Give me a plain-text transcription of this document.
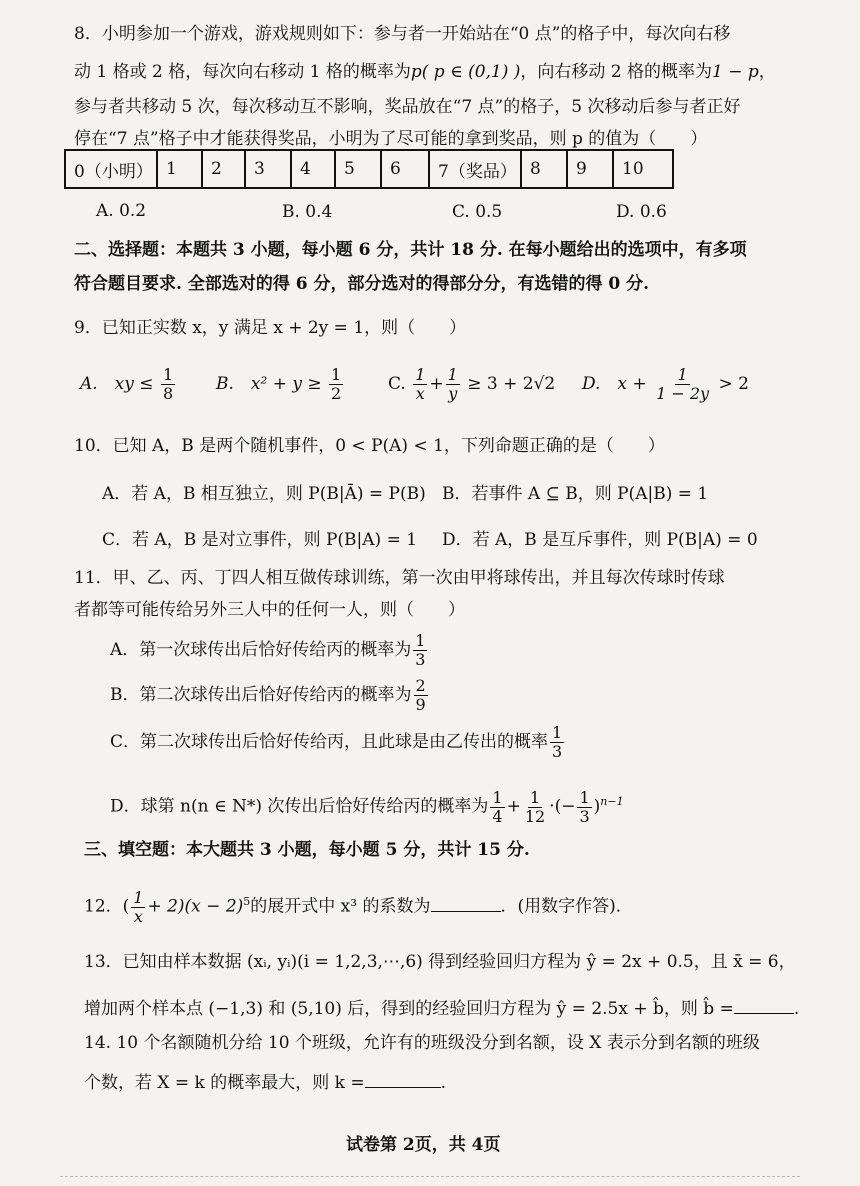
8．小明参加一个游戏，游戏规则如下：参与者一开始站在“0 点”的格子中，每次向右移
动 1 格或 2 格，每次向右移动 1 格的概率为p( p ∈ (0,1) )，向右移动 2 格的概率为1 − p，
参与者共移动 5 次，每次移动互不影响，奖品放在“7 点”的格子，5 次移动后参与者正好
停在“7 点”格子中才能获得奖品，小明为了尽可能的拿到奖品，则 p 的值为（　　）
0（小明）	1	2	3	4	5	6	7（奖品）	8	9	10
A. 0.2	B. 0.4	C. 0.5	D. 0.6
二、选择题：本题共 3 小题，每小题 6 分，共计 18 分. 在每小题给出的选项中，有多项
符合题目要求. 全部选对的得 6 分，部分选对的得部分分，有选错的得 0 分.
9．已知正实数 x，y 满足 x + 2y = 1，则（　　）
A.　xy ≤ $\frac{1}{8} B$.　$x^2 + y \ge \frac{1}{2}$	C. $\frac{1}{x} + \frac{1}{y} \ge 3 + 2√2$ D.　$x + \frac{1}{1 - 2y} > 2$
10．已知 A，B 是两个随机事件，0 < P(A) < 1，下列命题正确的是（　　）
A．若 A，B 相互独立，则 P(B|Ā) = P(B) B．若事件 A ⊆ B，则 P(A|B) = 1
C．若 A，B 是对立事件，则 P(B|A) = 1 D．若 A，B 是互斥事件，则 P(B|A) = 0
11．甲、乙、丙、丁四人相互做传球训练，第一次由甲将球传出，并且每次传球时传球
者都等可能传给另外三人中的任何一人，则（　　）
A．第一次球传出后恰好传给丙的概率为 $\frac{1}{3}$
B．第二次球传出后恰好传给丙的概率为 $\frac{2}{9}$
C．第二次球传出后恰好传给丙，且此球是由乙传出的概率 $\frac{1}{3}$
D．球第 n(n ∈ N*) 次传出后恰好传给丙的概率为 $\frac{1}{4} + \frac{1}{12}$ ·(− $\frac{1}{3} )^{n-1}$
三、填空题：本大题共 3 小题，每小题 5 分，共计 15 分.
12．( $\frac{1}{x} + 2)(x - 2)^5$的展开式中 x³ 的系数为	．(用数字作答)．
13．已知由样本数据 (xᵢ, yᵢ)(i = 1,2,3,⋯,6) 得到经验回归方程为 ŷ = 2x + 0.5，且 x̄ = 6，
增加两个样本点 (−1,3) 和 (5,10) 后，得到的经验回归方程为 ŷ = 2.5x + b̂，则 b̂ =	.
14. 10 个名额随机分给 10 个班级，允许有的班级没分到名额，设 X 表示分到名额的班级
个数，若 X = k 的概率最大，则 k =	.
试卷第 2页，共 4页
